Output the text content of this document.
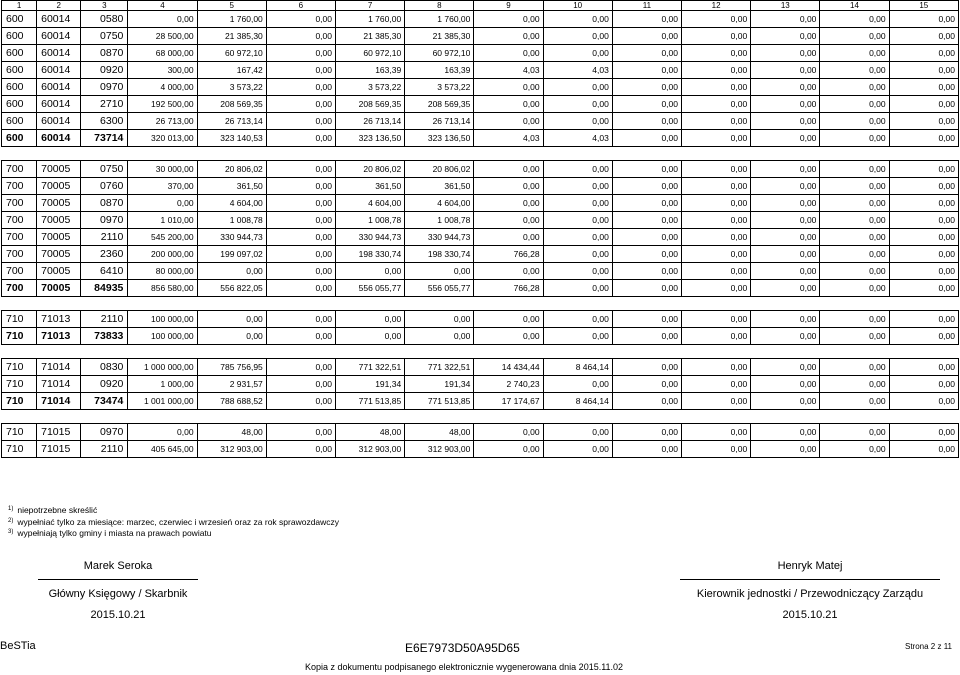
1	2	3	4	5	6	7	8	9	10	11	12	13	14	15
600	60014	0580	0,00	1 760,00	0,00	1 760,00	1 760,00	0,00	0,00	0,00	0,00	0,00	0,00	0,00
600	60014	0750	28 500,00	21 385,30	0,00	21 385,30	21 385,30	0,00	0,00	0,00	0,00	0,00	0,00	0,00
600	60014	0870	68 000,00	60 972,10	0,00	60 972,10	60 972,10	0,00	0,00	0,00	0,00	0,00	0,00	0,00
600	60014	0920	300,00	167,42	0,00	163,39	163,39	4,03	4,03	0,00	0,00	0,00	0,00	0,00
600	60014	0970	4 000,00	3 573,22	0,00	3 573,22	3 573,22	0,00	0,00	0,00	0,00	0,00	0,00	0,00
600	60014	2710	192 500,00	208 569,35	0,00	208 569,35	208 569,35	0,00	0,00	0,00	0,00	0,00	0,00	0,00
600	60014	6300	26 713,00	26 713,14	0,00	26 713,14	26 713,14	0,00	0,00	0,00	0,00	0,00	0,00	0,00
600	60014	73714	320 013,00	323 140,53	0,00	323 136,50	323 136,50	4,03	4,03	0,00	0,00	0,00	0,00	0,00

700	70005	0750	30 000,00	20 806,02	0,00	20 806,02	20 806,02	0,00	0,00	0,00	0,00	0,00	0,00	0,00
700	70005	0760	370,00	361,50	0,00	361,50	361,50	0,00	0,00	0,00	0,00	0,00	0,00	0,00
700	70005	0870	0,00	4 604,00	0,00	4 604,00	4 604,00	0,00	0,00	0,00	0,00	0,00	0,00	0,00
700	70005	0970	1 010,00	1 008,78	0,00	1 008,78	1 008,78	0,00	0,00	0,00	0,00	0,00	0,00	0,00
700	70005	2110	545 200,00	330 944,73	0,00	330 944,73	330 944,73	0,00	0,00	0,00	0,00	0,00	0,00	0,00
700	70005	2360	200 000,00	199 097,02	0,00	198 330,74	198 330,74	766,28	0,00	0,00	0,00	0,00	0,00	0,00
700	70005	6410	80 000,00	0,00	0,00	0,00	0,00	0,00	0,00	0,00	0,00	0,00	0,00	0,00
700	70005	84935	856 580,00	556 822,05	0,00	556 055,77	556 055,77	766,28	0,00	0,00	0,00	0,00	0,00	0,00

710	71013	2110	100 000,00	0,00	0,00	0,00	0,00	0,00	0,00	0,00	0,00	0,00	0,00	0,00
710	71013	73833	100 000,00	0,00	0,00	0,00	0,00	0,00	0,00	0,00	0,00	0,00	0,00	0,00

710	71014	0830	1 000 000,00	785 756,95	0,00	771 322,51	771 322,51	14 434,44	8 464,14	0,00	0,00	0,00	0,00	0,00
710	71014	0920	1 000,00	2 931,57	0,00	191,34	191,34	2 740,23	0,00	0,00	0,00	0,00	0,00	0,00
710	71014	73474	1 001 000,00	788 688,52	0,00	771 513,85	771 513,85	17 174,67	8 464,14	0,00	0,00	0,00	0,00	0,00

710	71015	0970	0,00	48,00	0,00	48,00	48,00	0,00	0,00	0,00	0,00	0,00	0,00	0,00
710	71015	2110	405 645,00	312 903,00	0,00	312 903,00	312 903,00	0,00	0,00	0,00	0,00	0,00	0,00	0,00
$^{1)}$ niepotrzebne skreślić
$^{2)}$ wypełniać tylko za miesiące: marzec, czerwiec i wrzesień oraz za rok sprawozdawczy
$^{3)}$ wypełniają tylko gminy i miasta na prawach powiatu
Marek Seroka
Główny Księgowy / Skarbnik
2015.10.21
Henryk Matej
Kierownik jednostki / Przewodniczący Zarządu
2015.10.21
BeSTia	E6E7973D50A95D65	Strona 2 z 11
Kopia z dokumentu podpisanego elektronicznie wygenerowana dnia 2015.11.02
